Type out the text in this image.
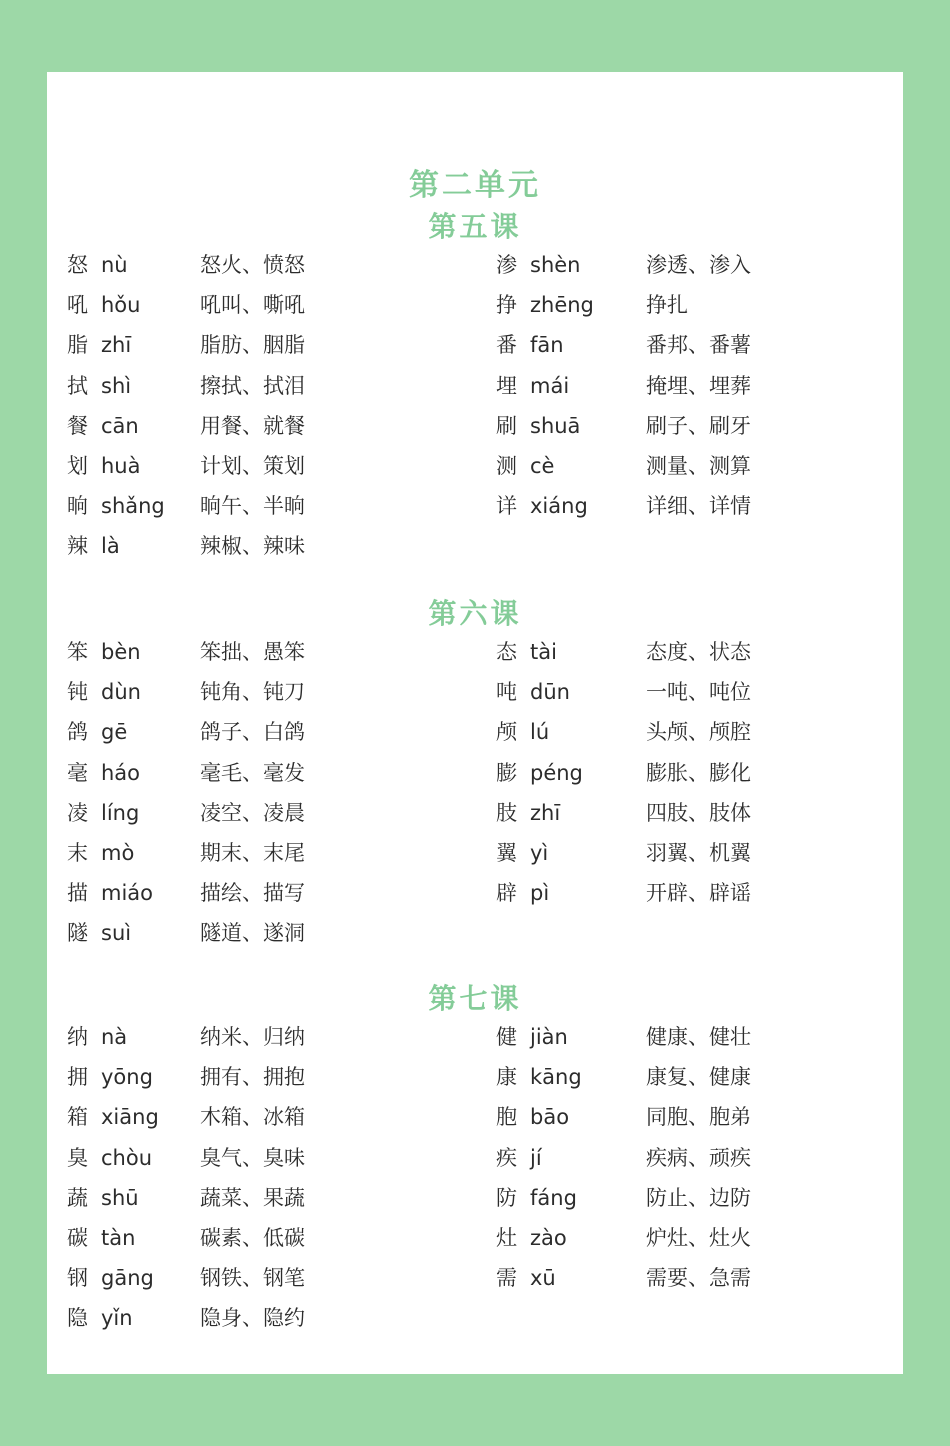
第二单元
第五课
怒 nù	怒火、愤怒
吼 hǒu	吼叫、嘶吼
脂 zhī	脂肪、胭脂
拭 shì	擦拭、拭泪
餐 cān	用餐、就餐
划 huà	计划、策划
晌 shǎng 晌午、半晌
辣 là	辣椒、辣味
渗 shèn	渗透、渗入
挣 zhēng 挣扎
番 fān	番邦、番薯
埋 mái	掩埋、埋葬
刷 shuā	刷子、刷牙
测 cè	测量、测算
详 xiáng	详细、详情
第六课
笨 bèn	笨拙、愚笨
钝 dùn	钝角、钝刀
鸽 gē	鸽子、白鸽
毫 háo	毫毛、毫发
凌 líng	凌空、凌晨
末 mò	期末、末尾
描 miáo 描绘、描写
隧 suì	隧道、遂洞
态 tài	态度、状态
吨 dūn	一吨、吨位
颅 lú	头颅、颅腔
膨 péng	膨胀、膨化
肢 zhī	四肢、肢体
翼 yì	羽翼、机翼
辟 pì	开辟、辟谣
第七课
纳 nà	纳米、归纳
拥 yōng 拥有、拥抱
箱 xiāng 木箱、冰箱
臭 chòu 臭气、臭味
蔬 shū	蔬菜、果蔬
碳 tàn	碳素、低碳
钢 gāng 钢铁、钢笔
隐 yǐn	隐身、隐约
健 jiàn	健康、健壮
康 kāng	康复、健康
胞 bāo	同胞、胞弟
疾 jí	疾病、顽疾
防 fáng	防止、边防
灶 zào	炉灶、灶火
需 xū	需要、急需
